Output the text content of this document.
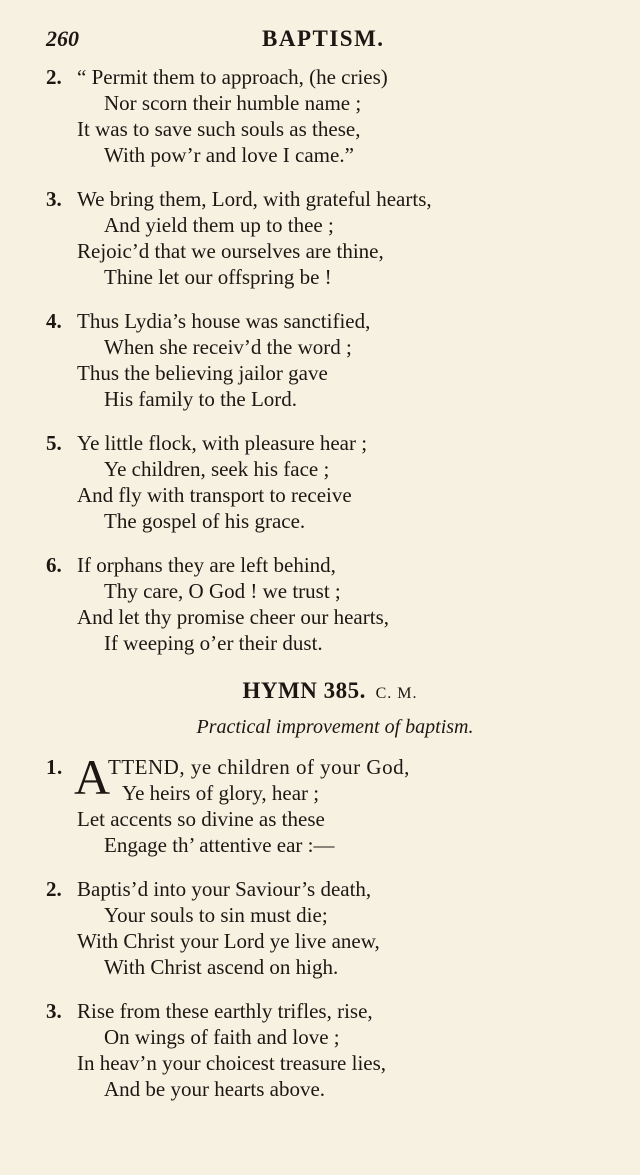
260	BAPTISM.
2. “ Permit them to approach, (he cries)
Nor scorn their humble name ;
It was to save such souls as these,
With pow’r and love I came.”
3. We bring them, Lord, with grateful hearts,
And yield them up to thee ;
Rejoic’d that we ourselves are thine,
Thine let our offspring be !
4. Thus Lydia’s house was sanctified,
When she receiv’d the word ;
Thus the believing jailor gave
His family to the Lord.
5. Ye little flock, with pleasure hear ;
Ye children, seek his face ;
And fly with transport to receive
The gospel of his grace.
6. If orphans they are left behind,
Thy care, O God ! we trust ;
And let thy promise cheer our hearts,
If weeping o’er their dust.
HYMN 385. C. M.
Practical improvement of baptism.
1. A
TTEND, ye children of your God,
Ye heirs of glory, hear ;
Let accents so divine as these
Engage th’ attentive ear :—
2. Baptis’d into your Saviour’s death,
Your souls to sin must die;
With Christ your Lord ye live anew,
With Christ ascend on high.
3. Rise from these earthly trifles, rise,
On wings of faith and love ;
In heav’n your choicest treasure lies,
And be your hearts above.
